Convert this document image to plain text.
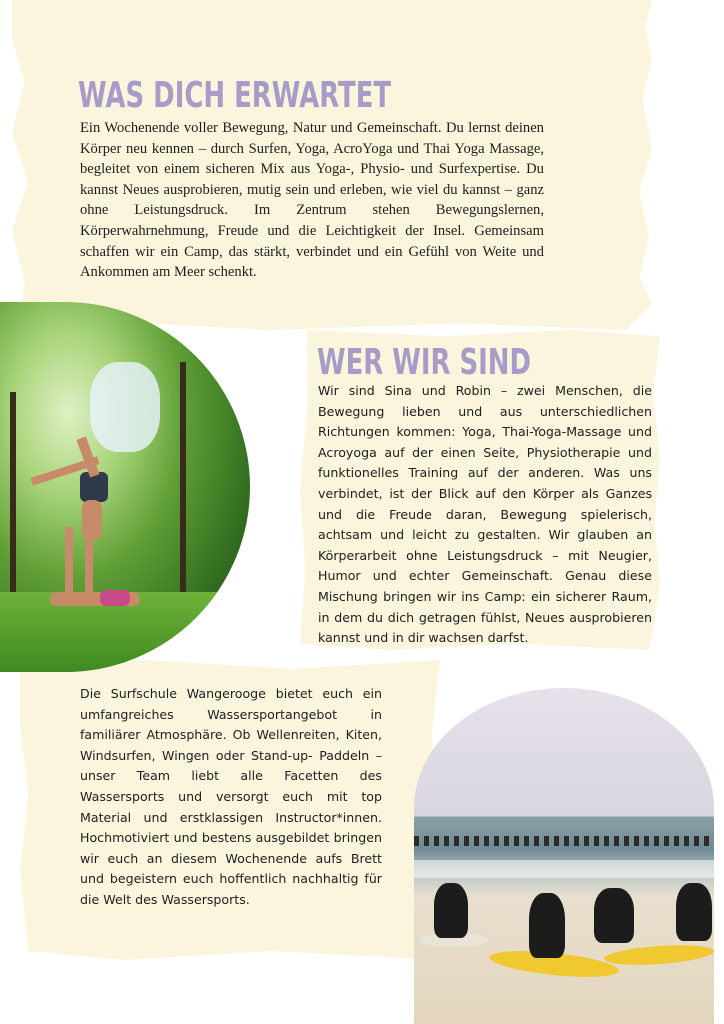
WAS DICH ERWARTET
Ein Wochenende voller Bewegung, Natur und Gemeinschaft. Du lernst deinen Körper neu kennen – durch Surfen, Yoga, AcroYoga und Thai Yoga Massage, begleitet von einem sicheren Mix aus Yoga-, Physio- und Surfexpertise. Du kannst Neues ausprobieren, mutig sein und erleben, wie viel du kannst – ganz ohne Leistungsdruck. Im Zentrum stehen Bewegungslernen, Körperwahrnehmung, Freude und die Leichtigkeit der Insel. Gemeinsam schaffen wir ein Camp, das stärkt, verbindet und ein Gefühl von Weite und Ankommen am Meer schenkt.
WER WIR SIND
Wir sind Sina und Robin – zwei Menschen, die Bewegung lieben und aus unterschiedlichen Richtungen kommen: Yoga, Thai-Yoga-Massage und Acroyoga auf der einen Seite, Physiotherapie und funktionelles Training auf der anderen. Was uns verbindet, ist der Blick auf den Körper als Ganzes und die Freude daran, Bewegung spielerisch, achtsam und leicht zu gestalten. Wir glauben an Körperarbeit ohne Leistungsdruck – mit Neugier, Humor und echter Gemeinschaft. Genau diese Mischung bringen wir ins Camp: ein sicherer Raum, in dem du dich getragen fühlst, Neues ausprobieren kannst und in dir wachsen darfst.
Die Surfschule Wangerooge bietet euch ein umfangreiches Wassersportangebot in familiärer Atmosphäre. Ob Wellenreiten, Kiten, Windsurfen, Wingen oder Stand-up- Paddeln – unser Team liebt alle Facetten des Wassersports und versorgt euch mit top Material und erstklassigen Instructor*innen. Hochmotiviert und bestens ausgebildet bringen wir euch an diesem Wochenende aufs Brett und begeistern euch hoffentlich nachhaltig für die Welt des Wassersports.
